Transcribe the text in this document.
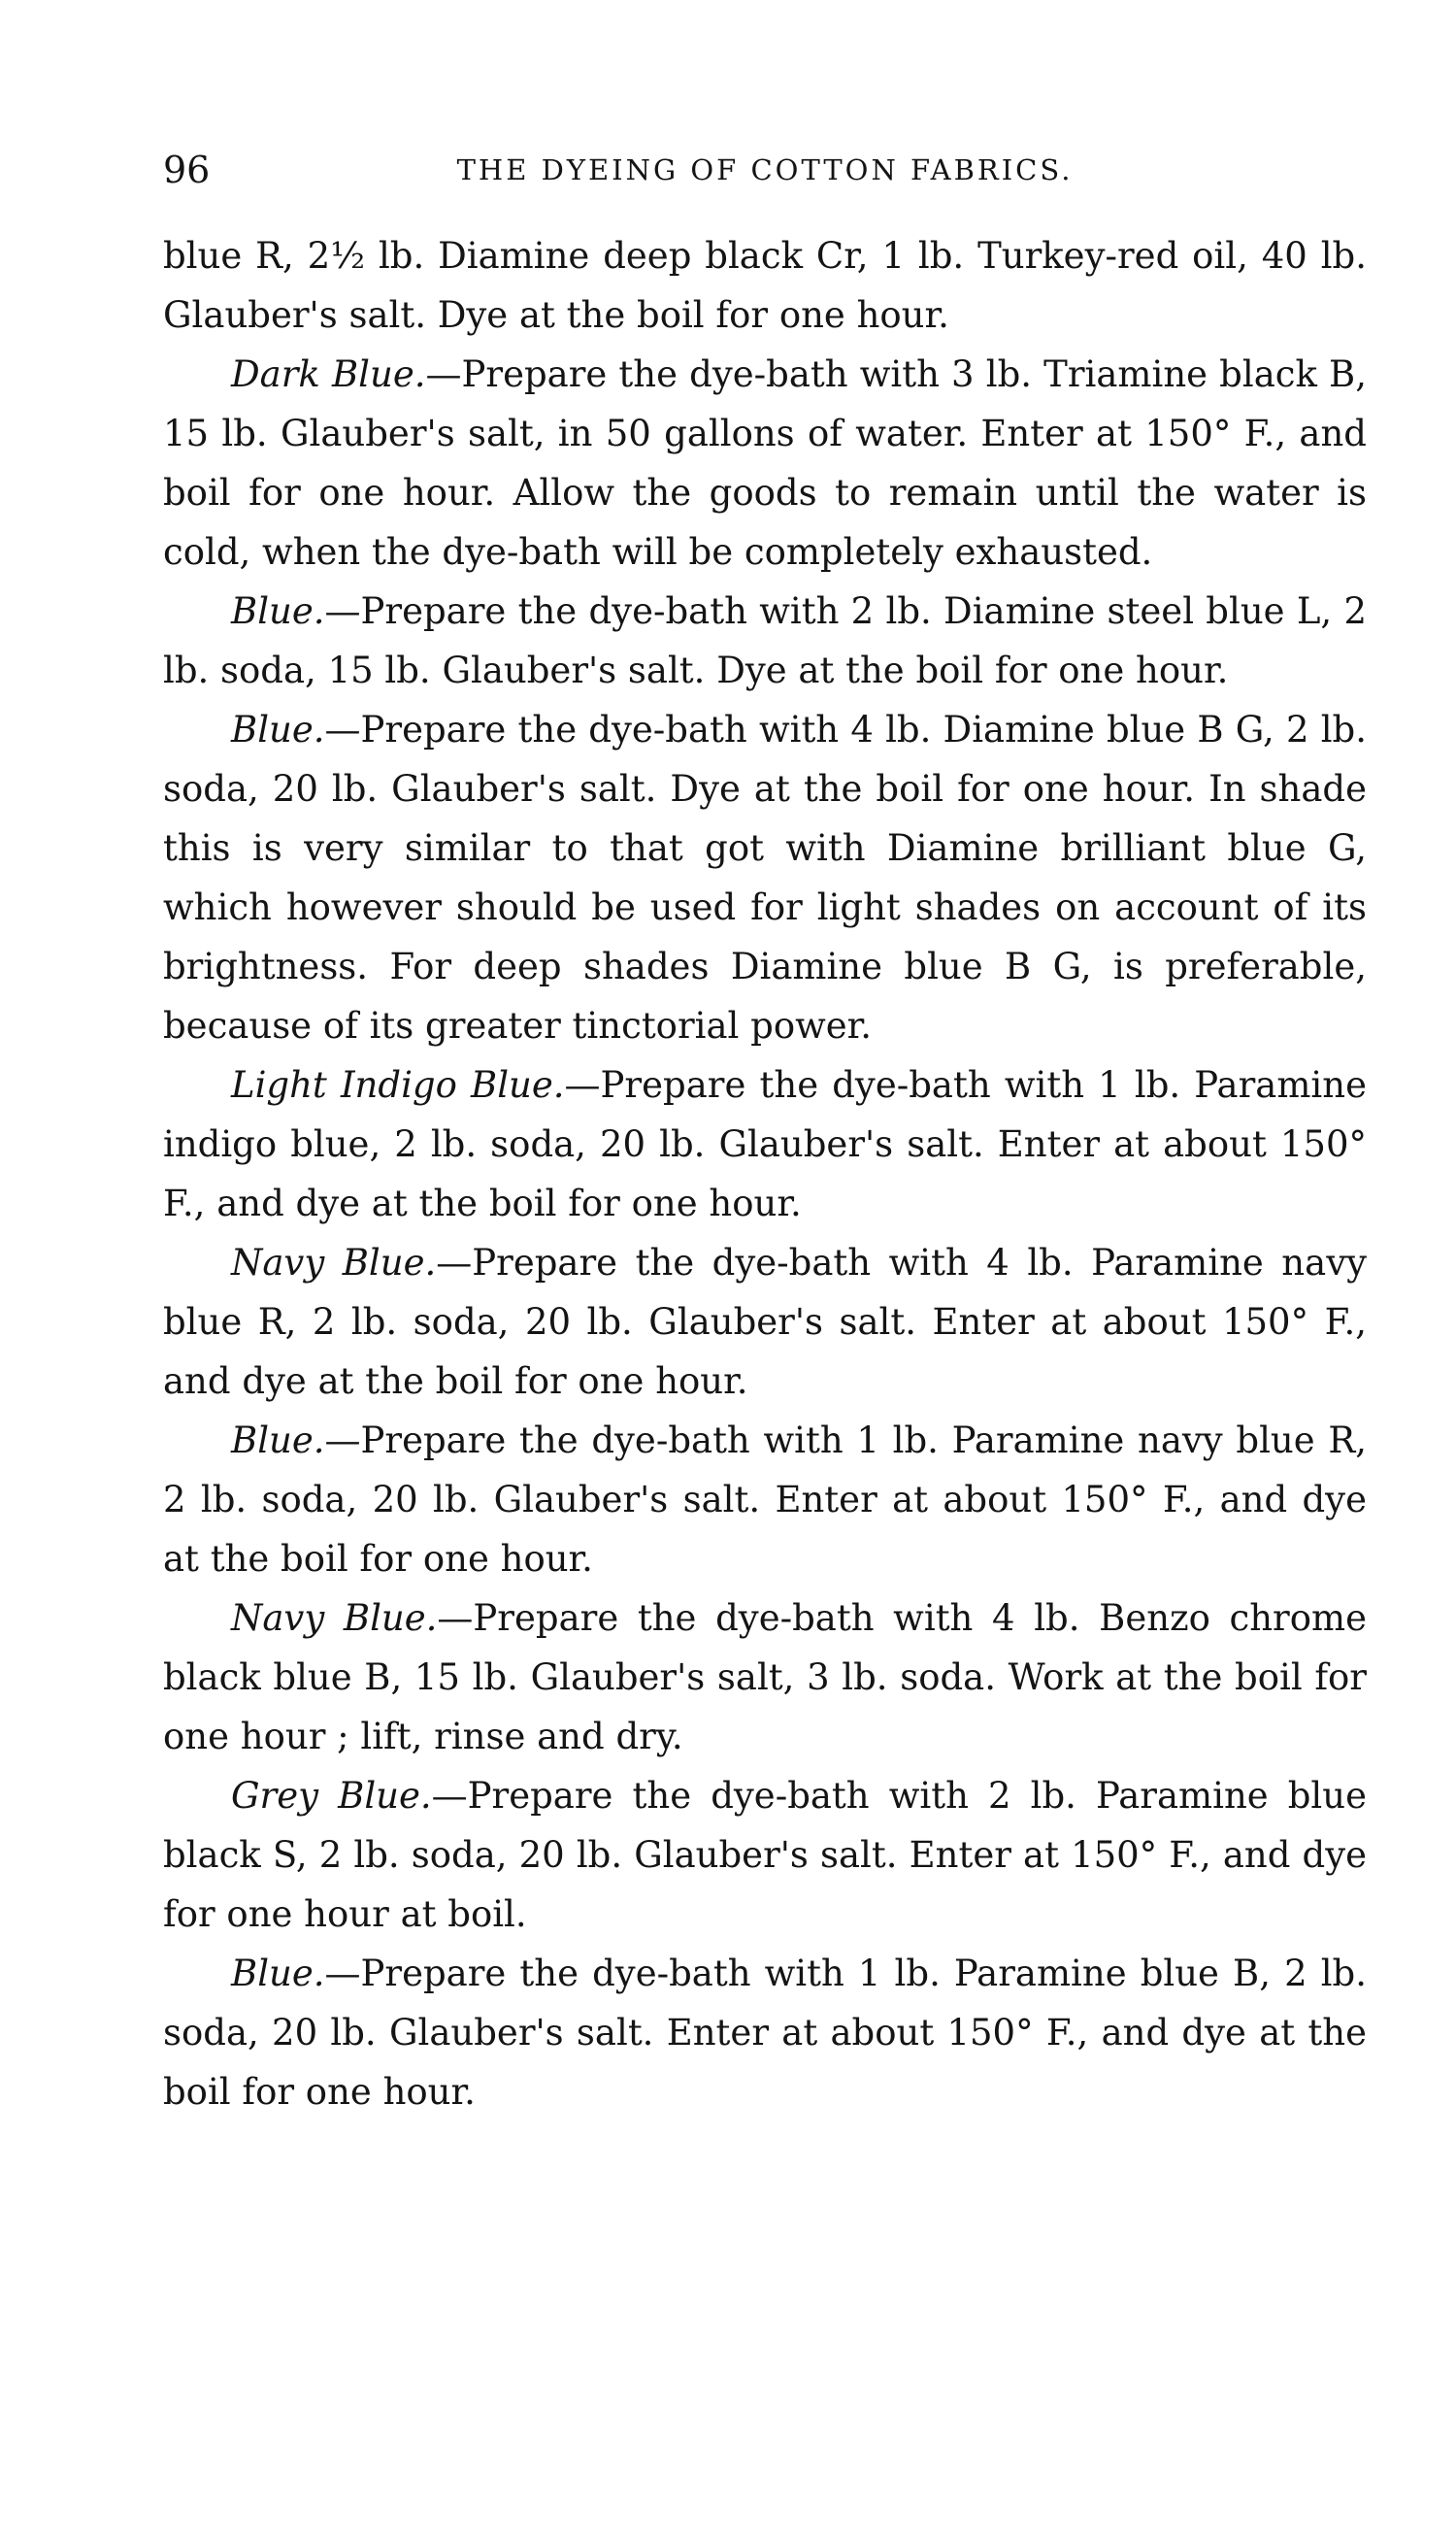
96	THE DYEING OF COTTON FABRICS.

blue R, 2½ lb. Diamine deep black Cr, 1 lb. Turkey-red oil, 40 lb. Glauber's salt. Dye at the boil for one hour.

Dark Blue.—Prepare the dye-bath with 3 lb. Triamine black B, 15 lb. Glauber's salt, in 50 gallons of water. Enter at 150° F., and boil for one hour. Allow the goods to remain until the water is cold, when the dye-bath will be completely exhausted.

Blue.—Prepare the dye-bath with 2 lb. Diamine steel blue L, 2 lb. soda, 15 lb. Glauber's salt. Dye at the boil for one hour.

Blue.—Prepare the dye-bath with 4 lb. Diamine blue B G, 2 lb. soda, 20 lb. Glauber's salt. Dye at the boil for one hour. In shade this is very similar to that got with Diamine brilliant blue G, which however should be used for light shades on account of its brightness. For deep shades Diamine blue B G, is preferable, because of its greater tinctorial power.

Light Indigo Blue.—Prepare the dye-bath with 1 lb. Paramine indigo blue, 2 lb. soda, 20 lb. Glauber's salt. Enter at about 150° F., and dye at the boil for one hour.

Navy Blue.—Prepare the dye-bath with 4 lb. Paramine navy blue R, 2 lb. soda, 20 lb. Glauber's salt. Enter at about 150° F., and dye at the boil for one hour.

Blue.—Prepare the dye-bath with 1 lb. Paramine navy blue R, 2 lb. soda, 20 lb. Glauber's salt. Enter at about 150° F., and dye at the boil for one hour.

Navy Blue.—Prepare the dye-bath with 4 lb. Benzo chrome black blue B, 15 lb. Glauber's salt, 3 lb. soda. Work at the boil for one hour ; lift, rinse and dry.

Grey Blue.—Prepare the dye-bath with 2 lb. Paramine blue black S, 2 lb. soda, 20 lb. Glauber's salt. Enter at 150° F., and dye for one hour at boil.

Blue.—Prepare the dye-bath with 1 lb. Paramine blue B, 2 lb. soda, 20 lb. Glauber's salt. Enter at about 150° F., and dye at the boil for one hour.
